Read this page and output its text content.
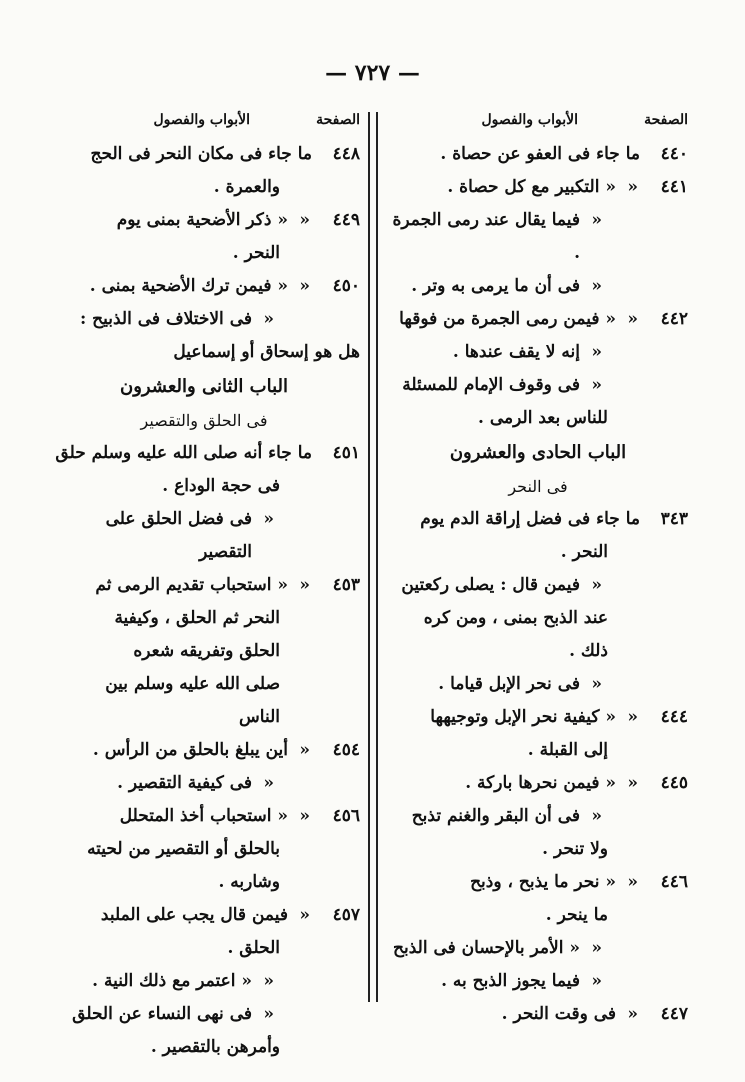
— ٧٢٧ —
الصفحة
الأبواب والفصول
٤٤٠
ما جاء فى العفو عن حصاة .
٤٤١
«
« التكبير مع كل حصاة .
«
فيما يقال عند رمى الجمرة .
«
فى أن ما يرمى به وتر .
٤٤٢
«
« فيمن رمى الجمرة من فوقها
«
إنه لا يقف عندها .
«
فى وقوف الإمام للمسئلة
للناس بعد الرمى .
الباب الحادى والعشرون
فى النحر
٣٤٣
ما جاء فى فضل إراقة الدم يوم
النحر .
«
فيمن قال : يصلى ركعتين
عند الذبح بمنى ، ومن كره
ذلك .
«
فى نحر الإبل قياما .
٤٤٤
«
« كيفية نحر الإبل وتوجيهها
إلى القبلة .
٤٤٥
«
« فيمن نحرها باركة .
«
فى أن البقر والغنم تذبح
ولا تنحر .
٤٤٦
«
« نحر ما يذبح ، وذبح
ما ينحر .
«
« الأمر بالإحسان فى الذبح
«
فيما يجوز الذبح به .
٤٤٧
«
فى وقت النحر .
الصفحة
الأبواب والفصول
٤٤٨
ما جاء فى مكان النحر فى الحج
والعمرة .
٤٤٩
«
« ذكر الأضحية بمنى يوم
النحر .
٤٥٠
«
« فيمن ترك الأضحية بمنى .
«
فى الاختلاف فى الذبيح :
هل هو إسحاق أو إسماعيل
الباب الثانى والعشرون
فى الحلق والتقصير
٤٥١
ما جاء أنه صلى الله عليه وسلم حلق
فى حجة الوداع .
«
فى فضل الحلق على التقصير
٤٥٣
«
« استحباب تقديم الرمى ثم
النحر ثم الحلق ، وكيفية
الحلق وتفريقه شعره
صلى الله عليه وسلم بين
الناس
٤٥٤
«
أين يبلغ بالحلق من الرأس .
«
فى كيفية التقصير .
٤٥٦
«
« استحباب أخذ المتحلل
بالحلق أو التقصير من لحيته
وشاربه .
٤٥٧
«
فيمن قال يجب على الملبد
الحلق .
«
« اعتمر مع ذلك النية .
«
فى نهى النساء عن الحلق
وأمرهن بالتقصير .
